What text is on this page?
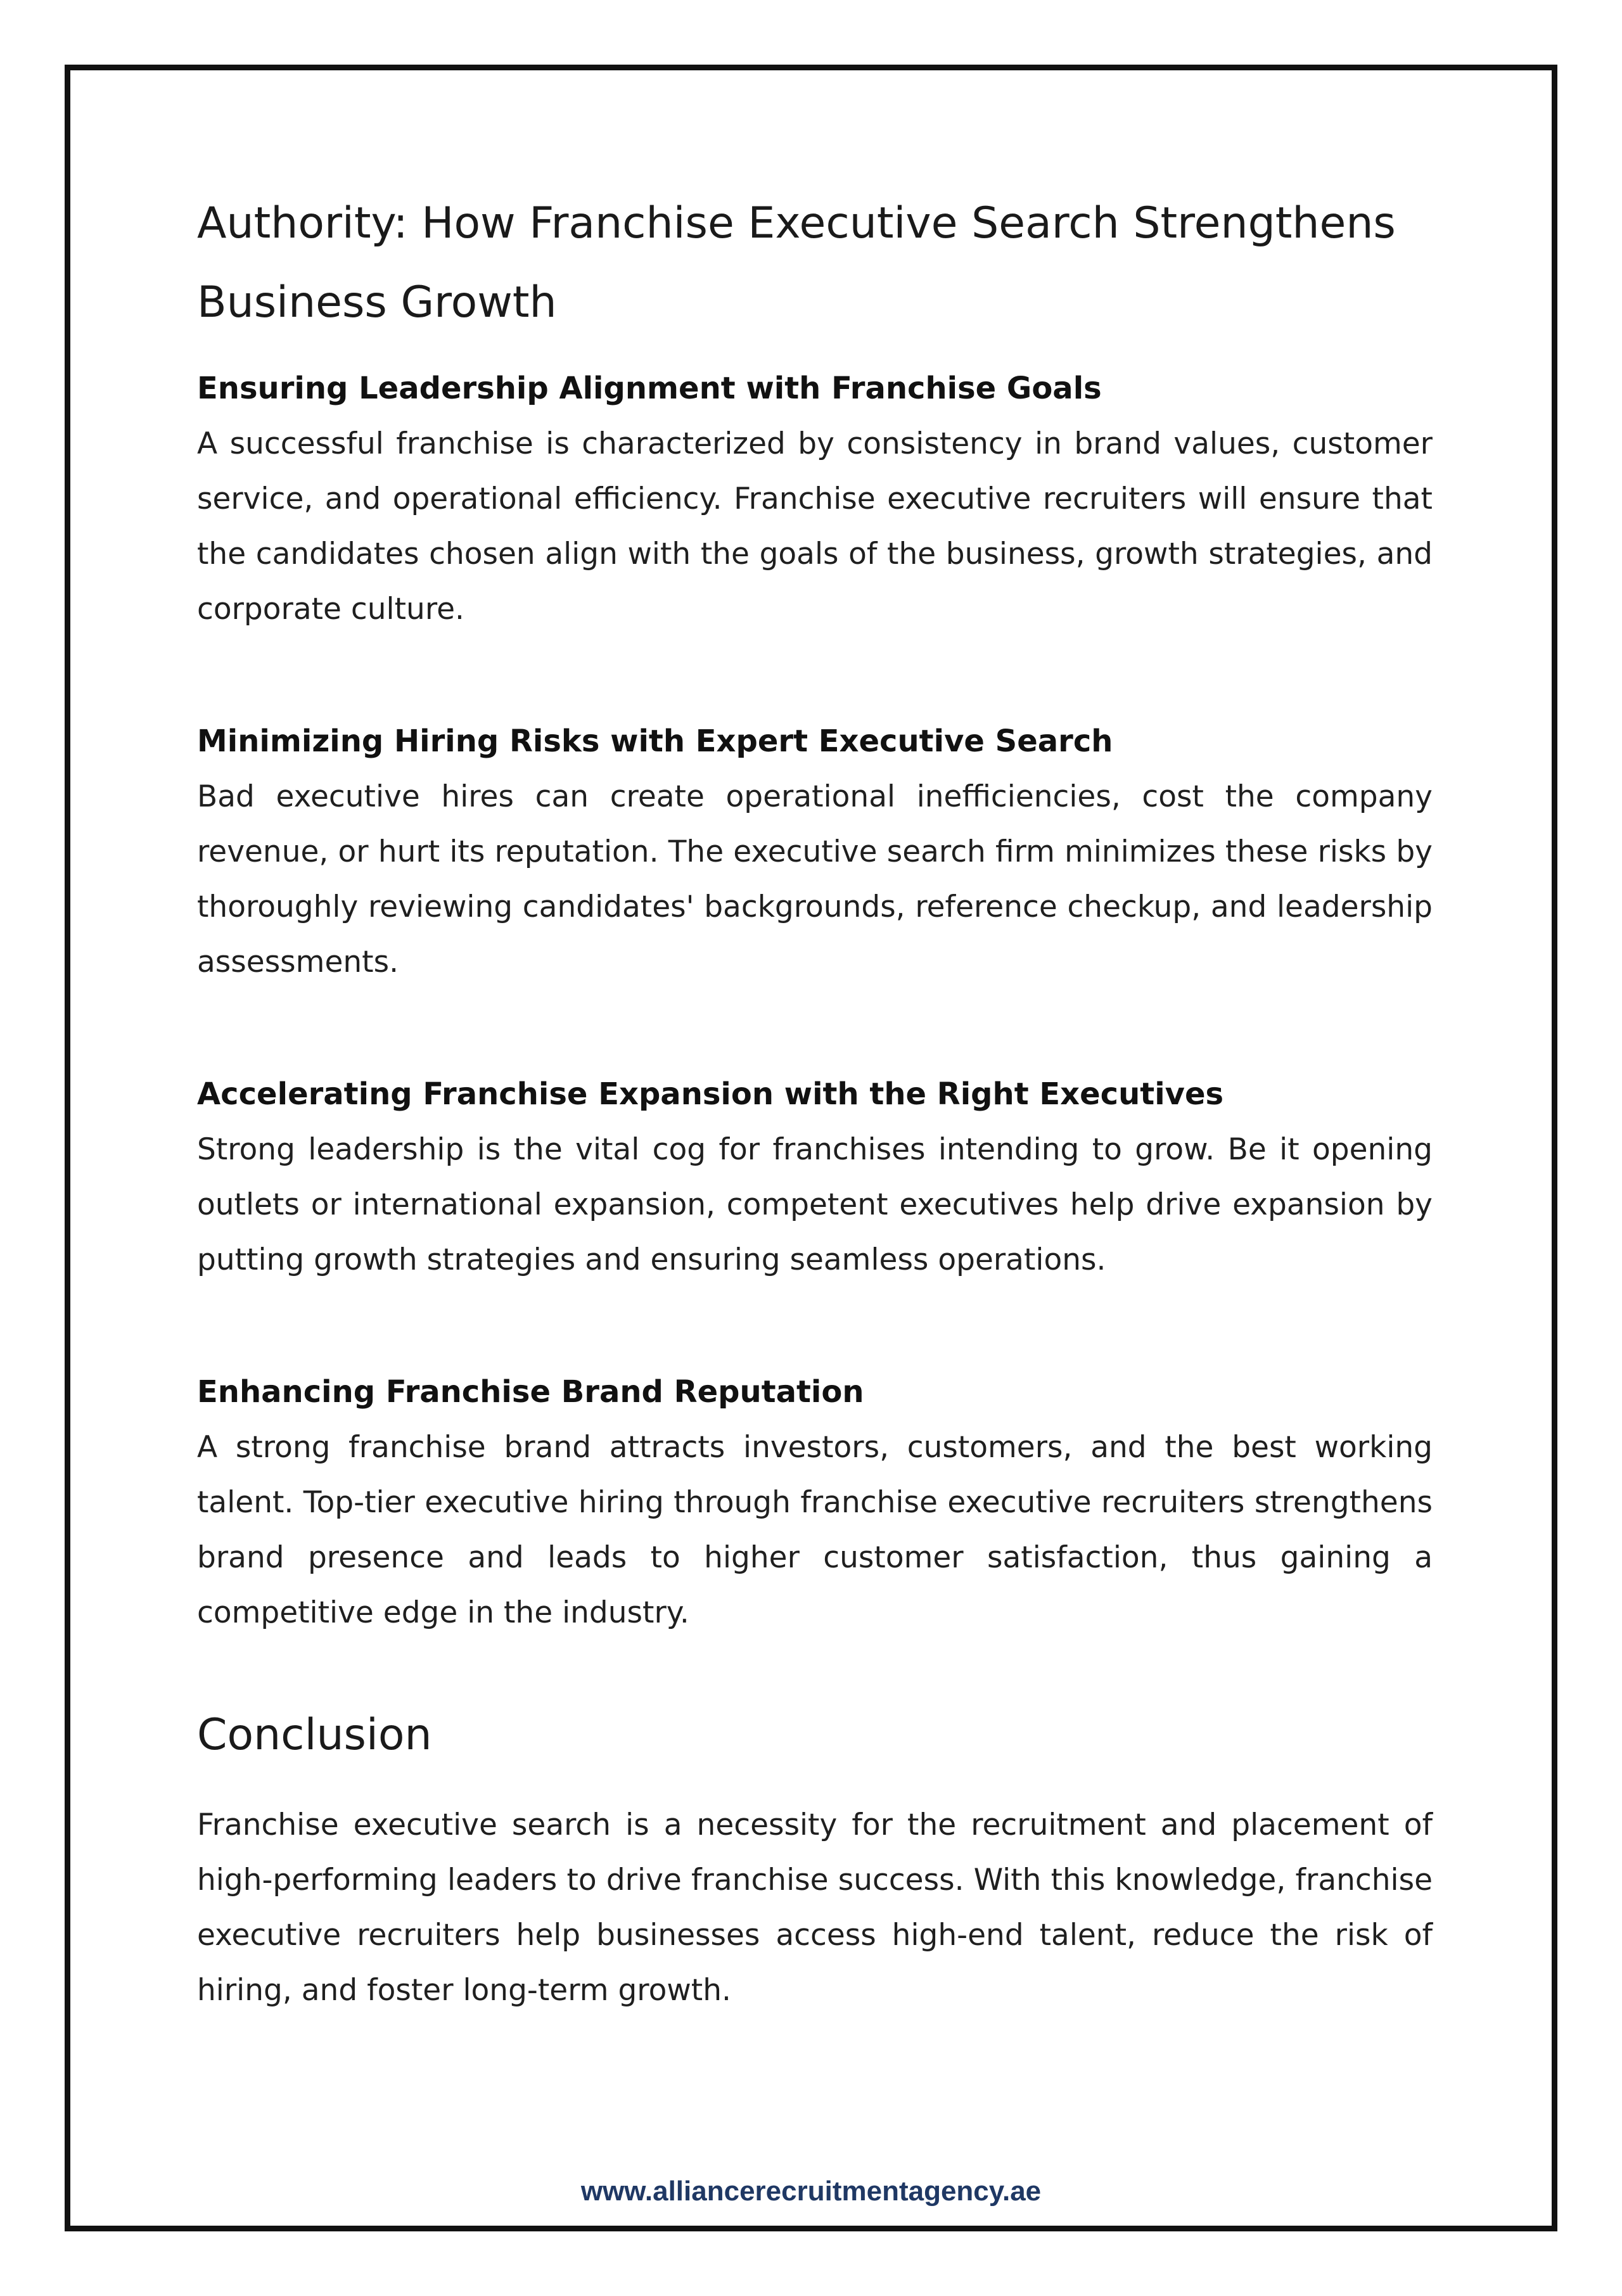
Authority: How Franchise Executive Search Strengthens Business Growth
Ensuring Leadership Alignment with Franchise Goals

A successful franchise is characterized by consistency in brand values, customer service, and operational efficiency. Franchise executive recruiters will ensure that the candidates chosen align with the goals of the business, growth strategies, and corporate culture.

Minimizing Hiring Risks with Expert Executive Search

Bad executive hires can create operational inefficiencies, cost the company revenue, or hurt its reputation. The executive search firm minimizes these risks by thoroughly reviewing candidates' backgrounds, reference checkup, and leadership assessments.

Accelerating Franchise Expansion with the Right Executives

Strong leadership is the vital cog for franchises intending to grow. Be it opening outlets or international expansion, competent executives help drive expansion by putting growth strategies and ensuring seamless operations.

Enhancing Franchise Brand Reputation

A strong franchise brand attracts investors, customers, and the best working talent. Top-tier executive hiring through franchise executive recruiters strengthens brand presence and leads to higher customer satisfaction, thus gaining a competitive edge in the industry.

Conclusion

Franchise executive search is a necessity for the recruitment and placement of high-performing leaders to drive franchise success. With this knowledge, franchise executive recruiters help businesses access high-end talent, reduce the risk of hiring, and foster long-term growth.

www.alliancerecruitmentagency.ae
